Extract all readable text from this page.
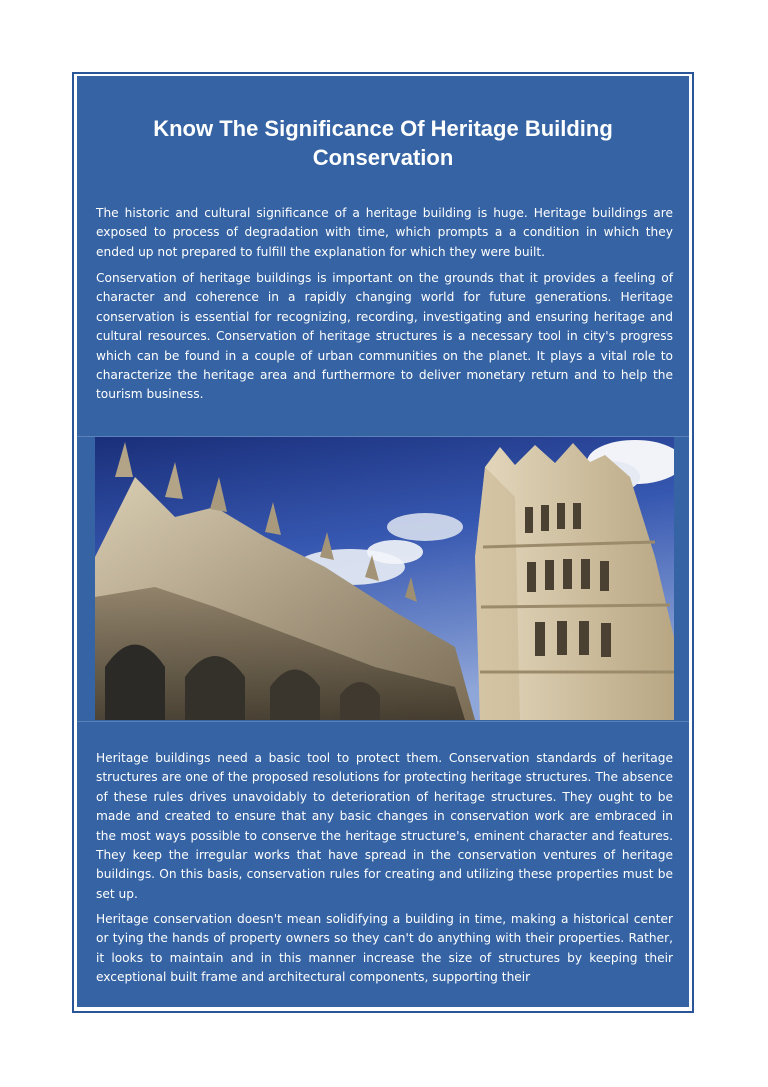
Know The Significance Of Heritage Building Conservation

The historic and cultural significance of a heritage building is huge. Heritage buildings are exposed to process of degradation with time, which prompts a a condition in which they ended up not prepared to fulfill the explanation for which they were built.

Conservation of heritage buildings is important on the grounds that it provides a feeling of character and coherence in a rapidly changing world for future generations. Heritage conservation is essential for recognizing, recording, investigating and ensuring heritage and cultural resources. Conservation of heritage structures is a necessary tool in city's progress which can be found in a couple of urban communities on the planet. It plays a vital role to characterize the heritage area and furthermore to deliver monetary return and to help the tourism business.

Heritage buildings need a basic tool to protect them. Conservation standards of heritage structures are one of the proposed resolutions for protecting heritage structures. The absence of these rules drives unavoidably to deterioration of heritage structures. They ought to be made and created to ensure that any basic changes in conservation work are embraced in the most ways possible to conserve the heritage structure's, eminent character and features. They keep the irregular works that have spread in the conservation ventures of heritage buildings. On this basis, conservation rules for creating and utilizing these properties must be set up.

Heritage conservation doesn't mean solidifying a building in time, making a historical center or tying the hands of property owners so they can't do anything with their properties. Rather, it looks to maintain and in this manner increase the size of structures by keeping their exceptional built frame and architectural components, supporting their
